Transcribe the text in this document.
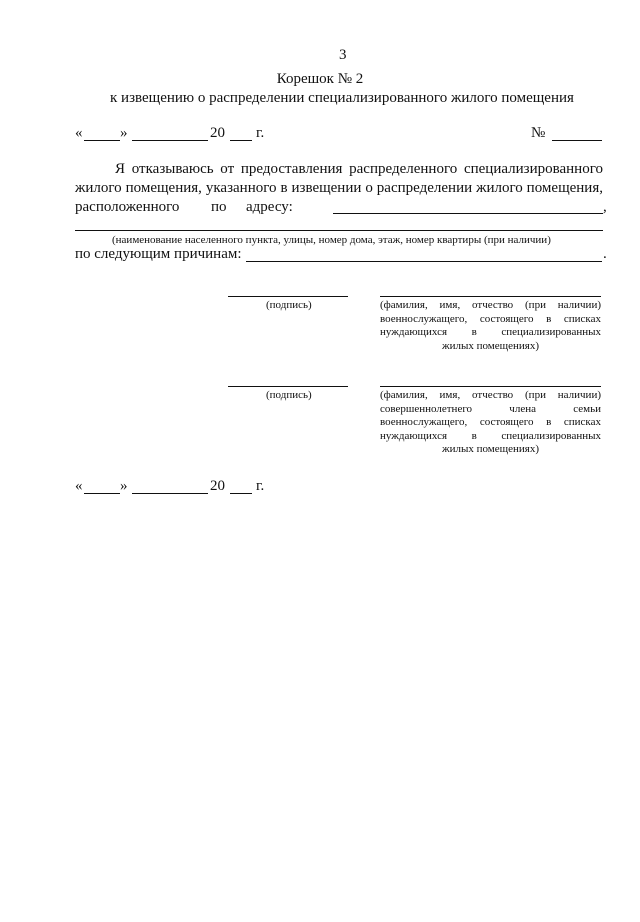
3
Корешок № 2
к извещению о распределении специализированного жилого помещения
«	»	20 г.	№
Я отказываюсь от предоставления распределенного специализированного
жилого помещения, указанного в извещении о распределении жилого помещения,
расположенного по адресу:	,
(наименование населенного пункта, улицы, номер дома, этаж, номер квартиры (при наличии)
по следующим причинам:	.
(подпись)	(фамилия, имя, отчество (при наличии)
военнослужащего, состоящего в списках
нуждающихся в специализированных
жилых помещениях)
(подпись)	(фамилия, имя, отчество (при наличии)
совершеннолетнего члена семьи
военнослужащего, состоящего в списках
нуждающихся в специализированных
жилых помещениях)
«	»	20 г.
